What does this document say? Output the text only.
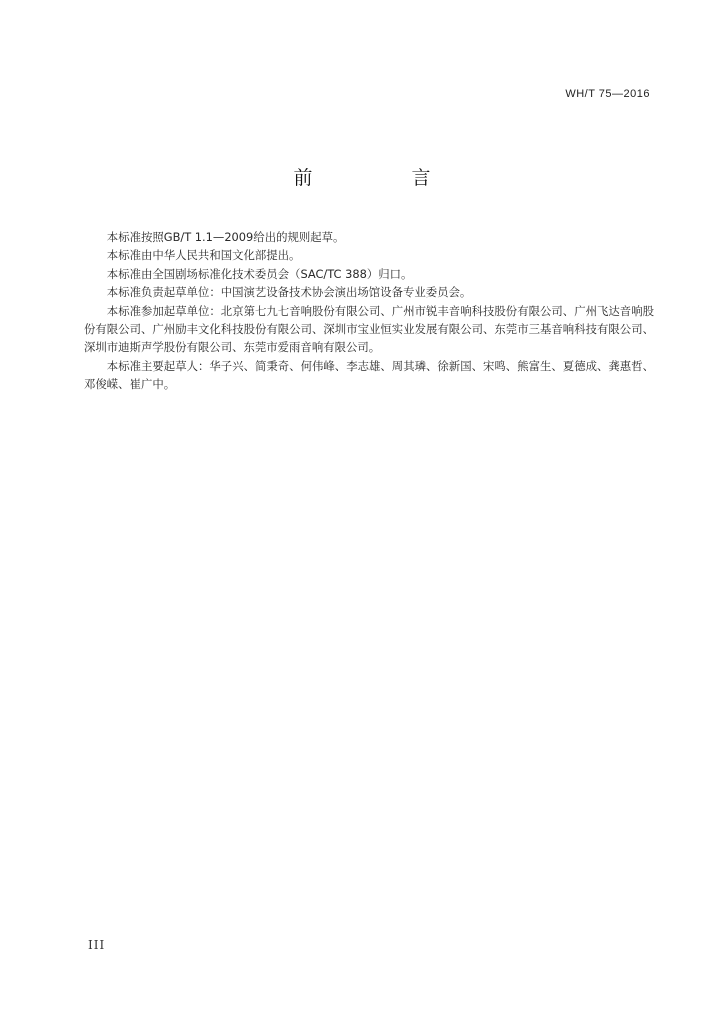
WH/T 75—2016
前　言

本标准按照GB/T 1.1—2009给出的规则起草。

本标准由中华人民共和国文化部提出。

本标准由全国剧场标准化技术委员会（SAC/TC 388）归口。

本标准负责起草单位：中国演艺设备技术协会演出场馆设备专业委员会。

本标准参加起草单位：北京第七九七音响股份有限公司、广州市锐丰音响科技股份有限公司、广州飞达音响股份有限公司、广州励丰文化科技股份有限公司、深圳市宝业恒实业发展有限公司、东莞市三基音响科技有限公司、深圳市迪斯声学股份有限公司、东莞市爱雨音响有限公司。

本标准主要起草人：华子兴、简秉奇、何伟峰、李志雄、周其璘、徐新国、宋鸣、熊富生、夏德成、龚惠哲、邓俊嵘、崔广中。

III
